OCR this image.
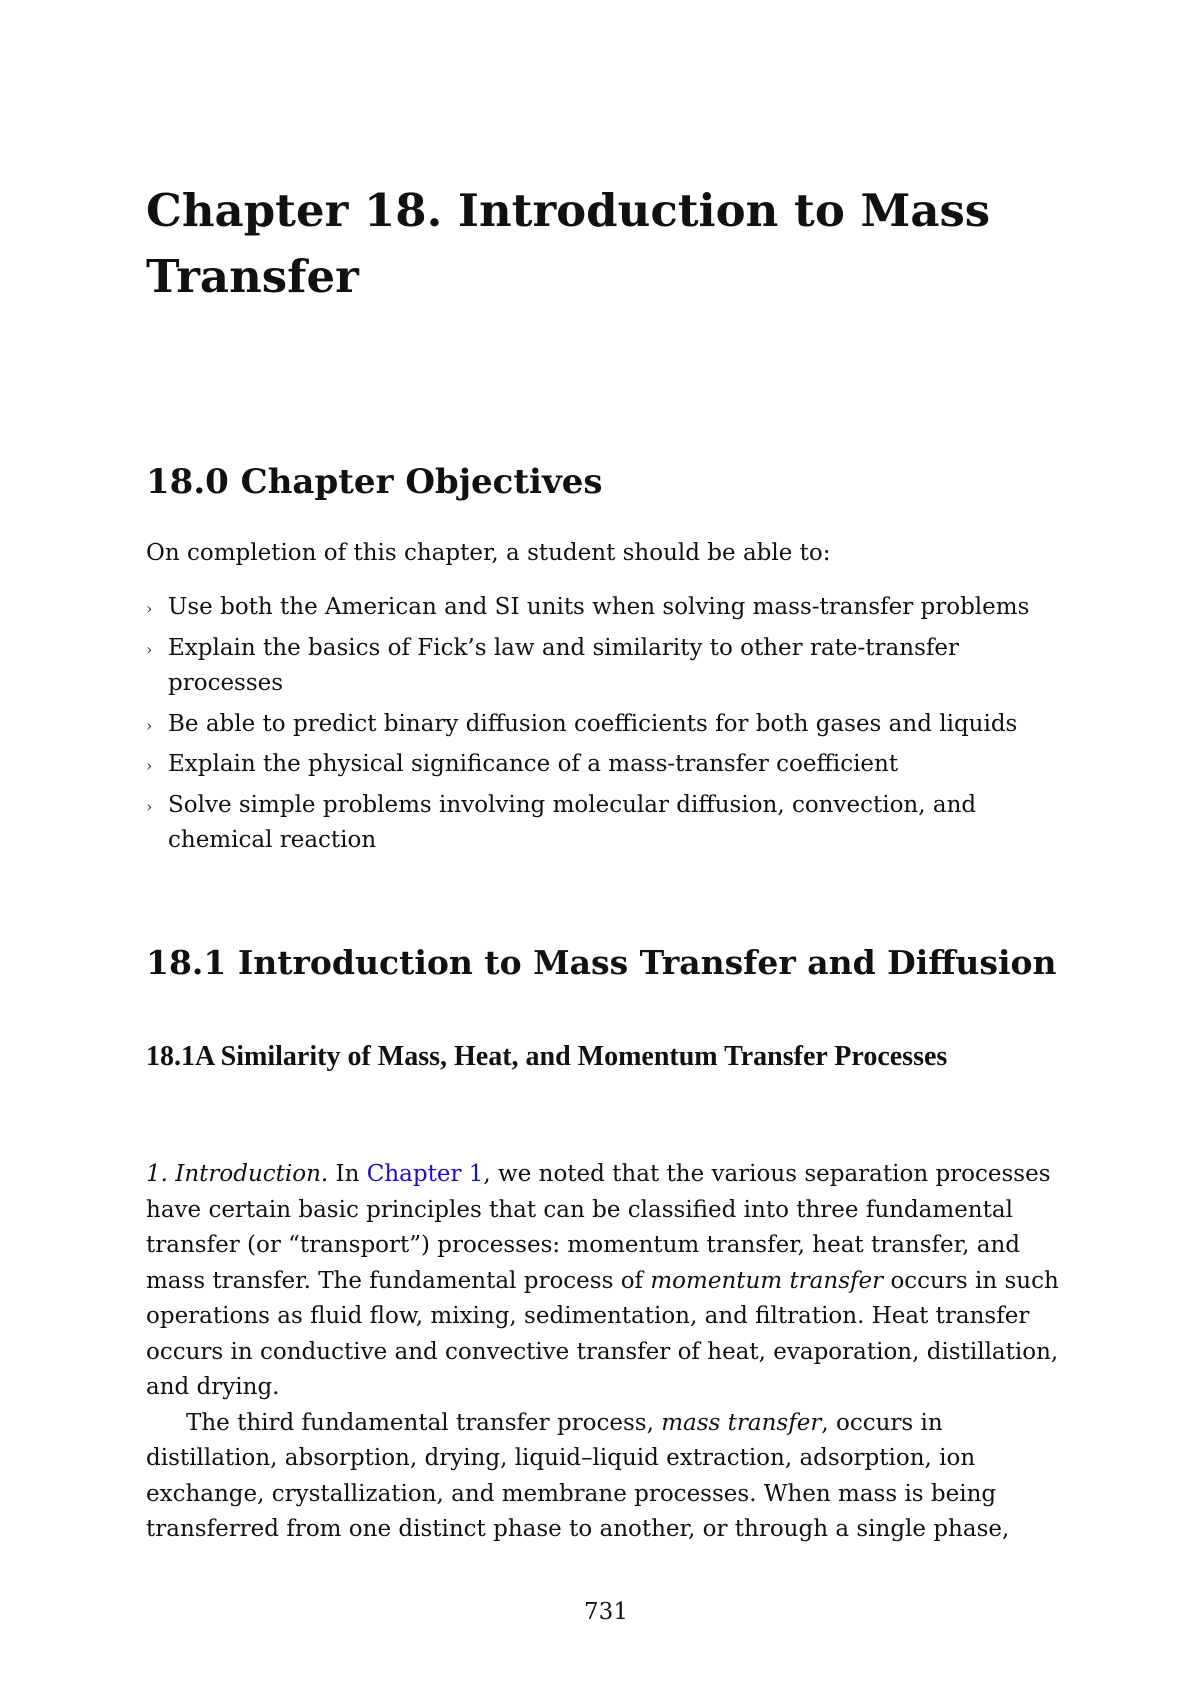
Chapter 18. Introduction to Mass
Transfer
18.0 Chapter Objectives

On completion of this chapter, a student should be able to:

› Use both the American and SI units when solving mass-transfer problems
› Explain the basics of Fick’s law and similarity to other rate-transfer processes
› Be able to predict binary diffusion coefficients for both gases and liquids
› Explain the physical significance of a mass-transfer coefficient
› Solve simple problems involving molecular diffusion, convection, and chemical reaction
18.1 Introduction to Mass Transfer and Diffusion
18.1A Similarity of Mass, Heat, and Momentum Transfer Processes

1. Introduction. In Chapter 1, we noted that the various separation processes have certain basic principles that can be classified into three fundamental transfer (or “transport”) processes: momentum transfer, heat transfer, and mass transfer. The fundamental process of momentum transfer occurs in such operations as fluid flow, mixing, sedimentation, and filtration. Heat transfer occurs in conductive and convective transfer of heat, evaporation, distillation, and drying.

The third fundamental transfer process, mass transfer, occurs in distillation, absorption, drying, liquid–liquid extraction, adsorption, ion exchange, crystallization, and membrane processes. When mass is being transferred from one distinct phase to another, or through a single phase,

731
